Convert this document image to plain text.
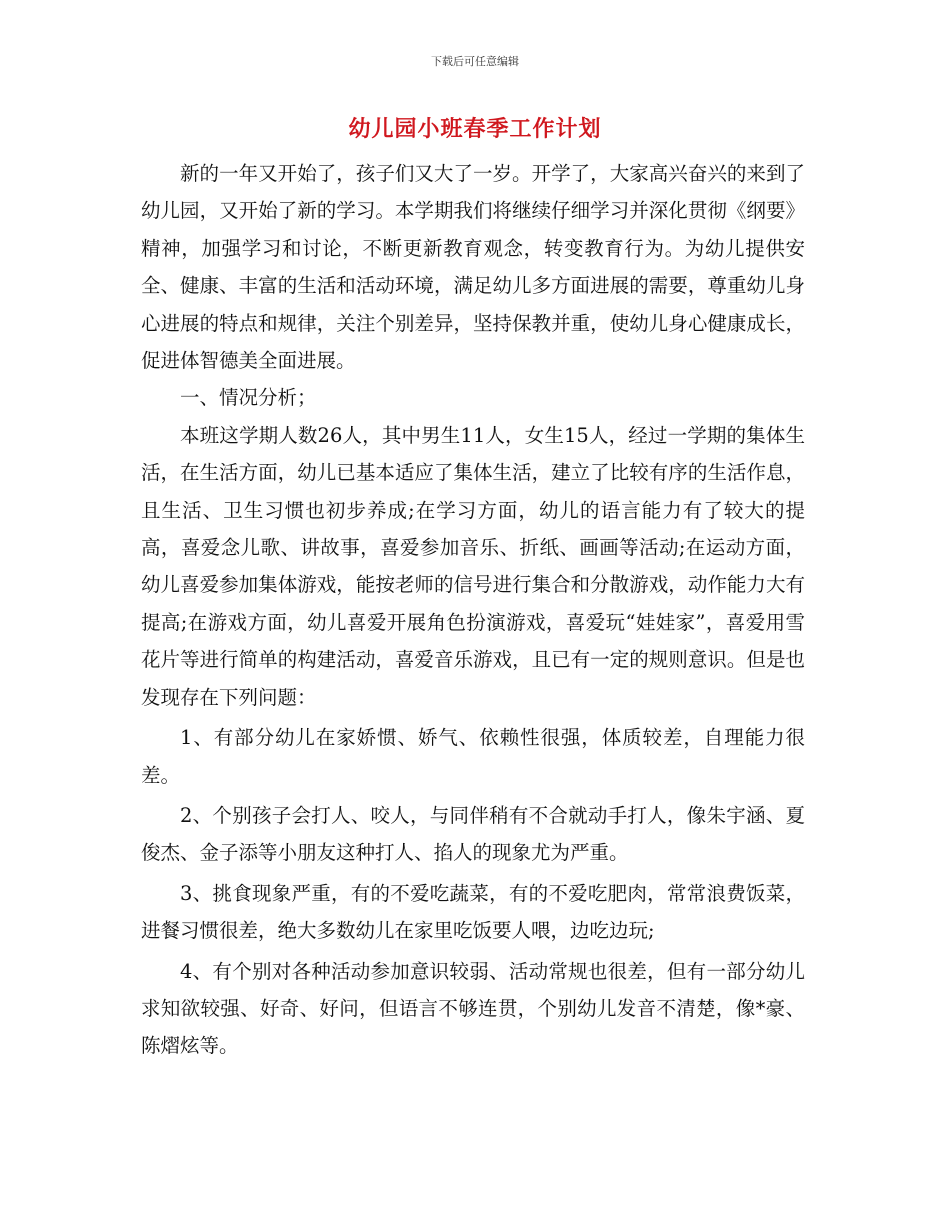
下载后可任意编辑
幼儿园小班春季工作计划

新的一年又开始了，孩子们又大了一岁。开学了，大家高兴奋兴的来到了幼儿园，又开始了新的学习。本学期我们将继续仔细学习并深化贯彻《纲要》精神，加强学习和讨论，不断更新教育观念，转变教育行为。为幼儿提供安全、健康、丰富的生活和活动环境，满足幼儿多方面进展的需要，尊重幼儿身心进展的特点和规律，关注个别差异，坚持保教并重，使幼儿身心健康成长，促进体智德美全面进展。

一、情况分析；

本班这学期人数26人，其中男生11人，女生15人，经过一学期的集体生活，在生活方面，幼儿已基本适应了集体生活，建立了比较有序的生活作息，且生活、卫生习惯也初步养成;在学习方面，幼儿的语言能力有了较大的提高，喜爱念儿歌、讲故事，喜爱参加音乐、折纸、画画等活动;在运动方面，幼儿喜爱参加集体游戏，能按老师的信号进行集合和分散游戏，动作能力大有提高;在游戏方面，幼儿喜爱开展角色扮演游戏，喜爱玩“娃娃家”，喜爱用雪花片等进行简单的构建活动，喜爱音乐游戏，且已有一定的规则意识。但是也发现存在下列问题：

1、有部分幼儿在家娇惯、娇气、依赖性很强，体质较差，自理能力很差。

2、个别孩子会打人、咬人，与同伴稍有不合就动手打人，像朱宇涵、夏俊杰、金子添等小朋友这种打人、掐人的现象尤为严重。

3、挑食现象严重，有的不爱吃蔬菜，有的不爱吃肥肉，常常浪费饭菜，进餐习惯很差，绝大多数幼儿在家里吃饭要人喂，边吃边玩;

4、有个别对各种活动参加意识较弱、活动常规也很差，但有一部分幼儿求知欲较强、好奇、好问，但语言不够连贯，个别幼儿发音不清楚，像*豪、陈熠炫等。
